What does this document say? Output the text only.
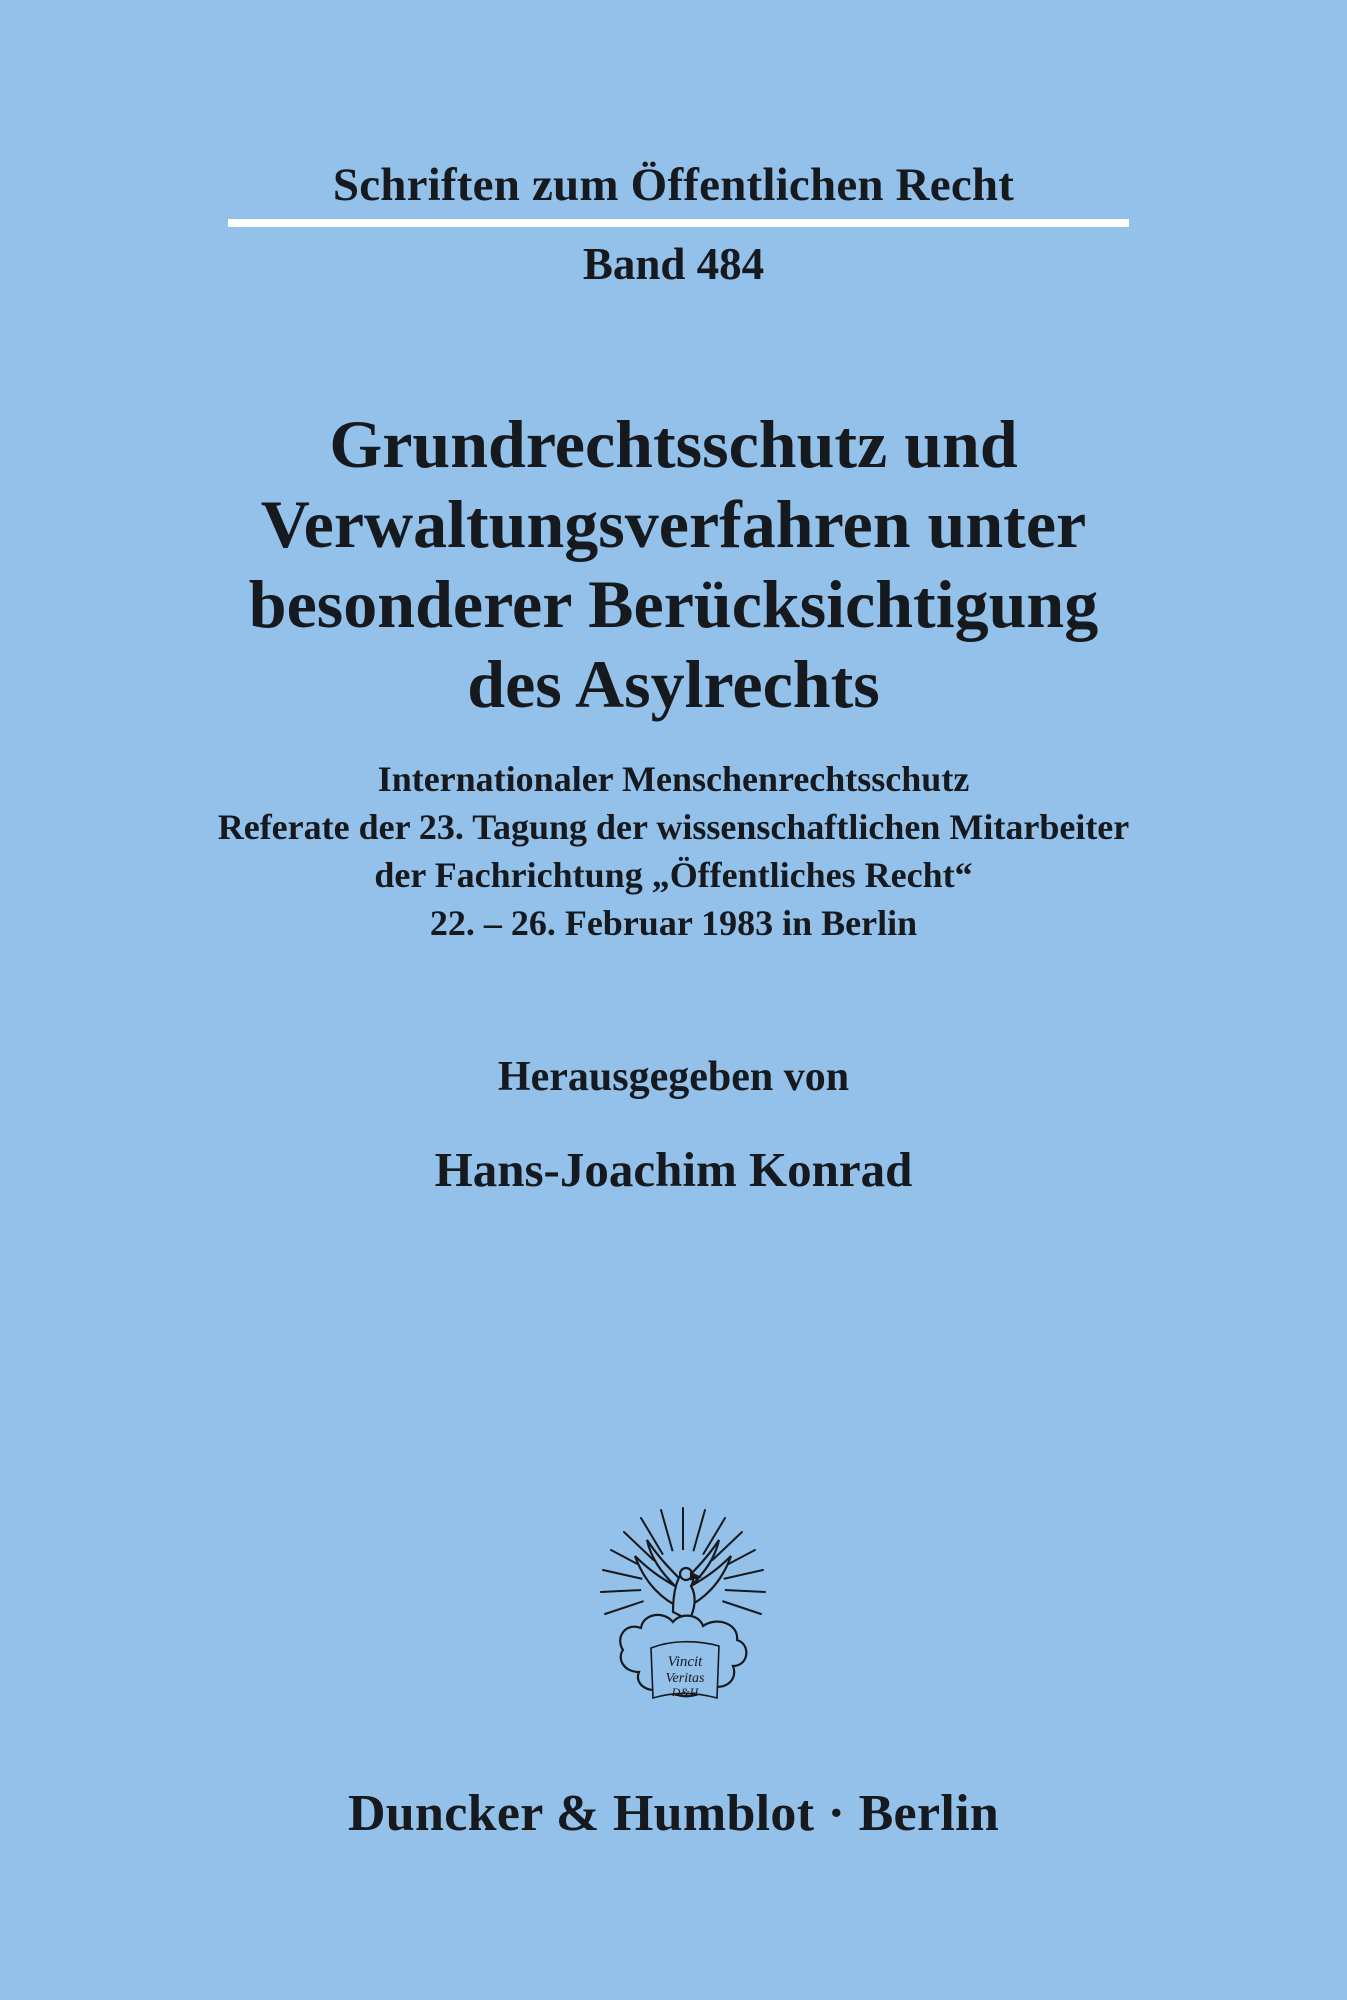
Schriften zum Öffentlichen Recht
Band 484
Grundrechtsschutz und
Verwaltungsverfahren unter
besonderer Berücksichtigung
des Asylrechts
Internationaler Menschenrechtsschutz
Referate der 23. Tagung der wissenschaftlichen Mitarbeiter
der Fachrichtung „Öffentliches Recht“
22. – 26. Februar 1983 in Berlin
Herausgegeben von
Hans-Joachim Konrad
Vincit
Veritas
D&H
Duncker & Humblot · Berlin
